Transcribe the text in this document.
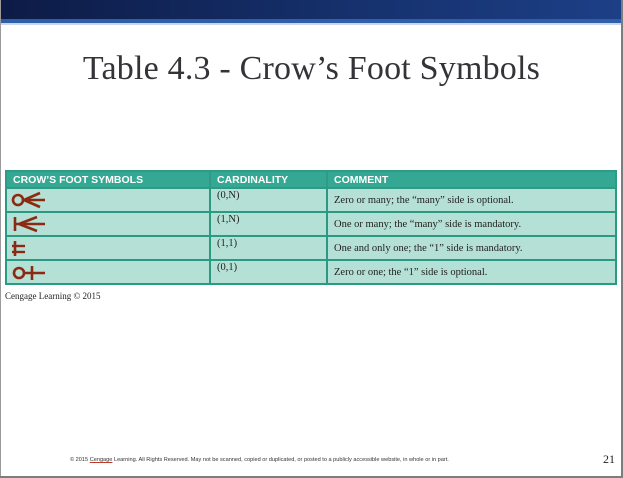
Table 4.3 - Crow’s Foot Symbols
CROW’S FOOT SYMBOLS	CARDINALITY	COMMENT

	(0,N)	Zero or many; the “many” side is optional.

	(1,N)	One or many; the “many” side is mandatory.

	(1,1)	One and only one; the “1” side is mandatory.

	(0,1)	Zero or one; the “1” side is optional.
Cengage Learning © 2015
© 2015 Cengage Learning. All Rights Reserved. May not be scanned, copied or duplicated, or posted to a publicly accessible website, in whole or in part.	21
